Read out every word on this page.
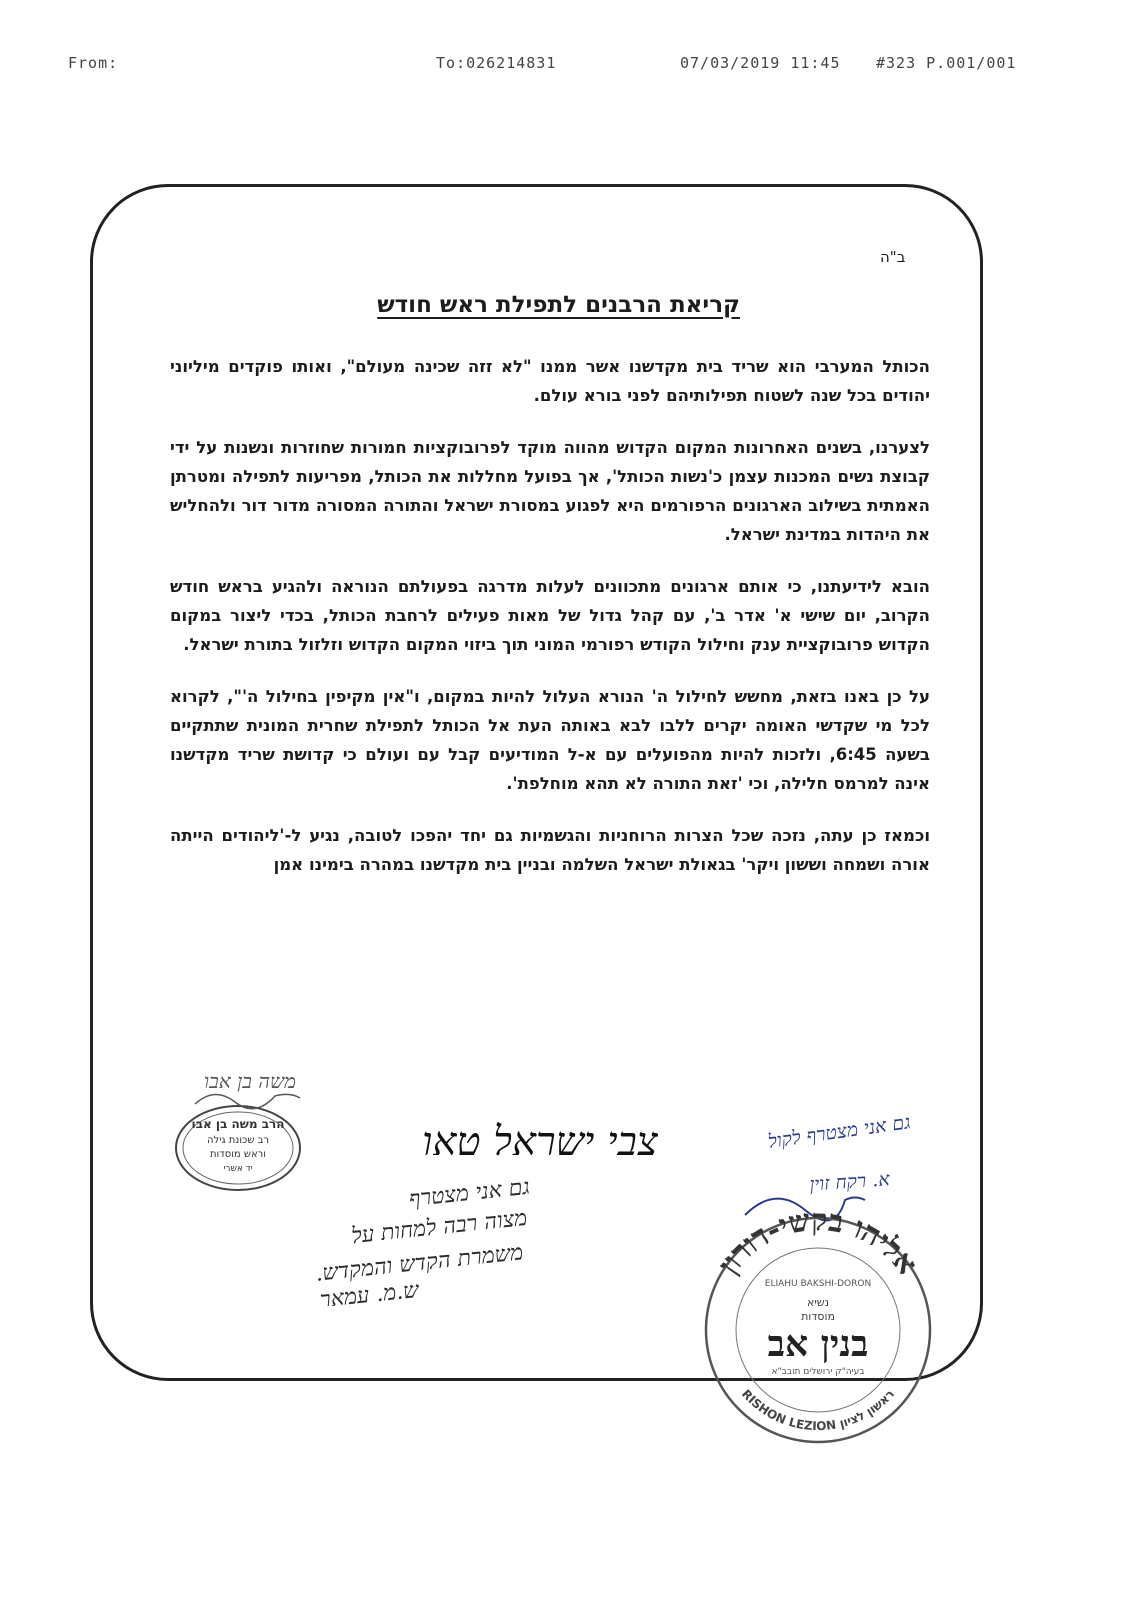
From:	To:026214831	07/03/2019 11:45 #323 P.001/001
ב"ה
קריאת הרבנים לתפילת ראש חודש

הכותל המערבי הוא שריד בית מקדשנו אשר ממנו "לא זזה שכינה מעולם", ואותו פוקדים מיליוני יהודים בכל שנה לשטוח תפילותיהם לפני בורא עולם.

לצערנו, בשנים האחרונות המקום הקדוש מהווה מוקד לפרובוקציות חמורות שחוזרות ונשנות על ידי קבוצת נשים המכנות עצמן כ'נשות הכותל', אך בפועל מחללות את הכותל, מפריעות לתפילה ומטרתן האמתית בשילוב הארגונים הרפורמים היא לפגוע במסורת ישראל והתורה המסורה מדור דור ולהחליש את היהדות במדינת ישראל.

הובא לידיעתנו, כי אותם ארגונים מתכוונים לעלות מדרגה בפעולתם הנוראה ולהגיע בראש חודש הקרוב, יום שישי א' אדר ב', עם קהל גדול של מאות פעילים לרחבת הכותל, בכדי ליצור במקום הקדוש פרובוקציית ענק וחילול הקודש רפורמי המוני תוך ביזוי המקום הקדוש וזלזול בתורת ישראל.

על כן באנו בזאת, מחשש לחילול ה' הנורא העלול להיות במקום, ו"אין מקיפין בחילול ה'", לקרוא לכל מי שקדשי האומה יקרים ללבו לבא באותה העת אל הכותל לתפילת שחרית המונית שתתקיים בשעה 6:45, ולזכות להיות מהפועלים עם א-ל המודיעים קבל עם ועולם כי קדושת שריד מקדשנו אינה למרמס חלילה, וכי 'זאת התורה לא תהא מוחלפת'.

וכמאז כן עתה, נזכה שכל הצרות הרוחניות והגשמיות גם יחד יהפכו לטובה, נגיע ל-'ליהודים הייתה אורה ושמחה וששון ויקר' בגאולת ישראל השלמה ובניין בית מקדשנו במהרה בימינו אמן

הרב משה בן אבו
רב שכונת גילה
וראש מוסדות
יד אשרי
משה בן אבו
צבי ישראל טאו
גם אני מצטרף
מצוה רבה למחות על
משמרת הקדש והמקדש.
ש.מ. עמאר
גם אני מצטרף לקול
א. רקח זוין
אליהו בקשי-דורון
ELIAHU BAKSHI-DORON
נשיא
מוסדות
בנין אב
בעיה"ק ירושלים תובב"א
RISHON LEZION ראשון לציון
